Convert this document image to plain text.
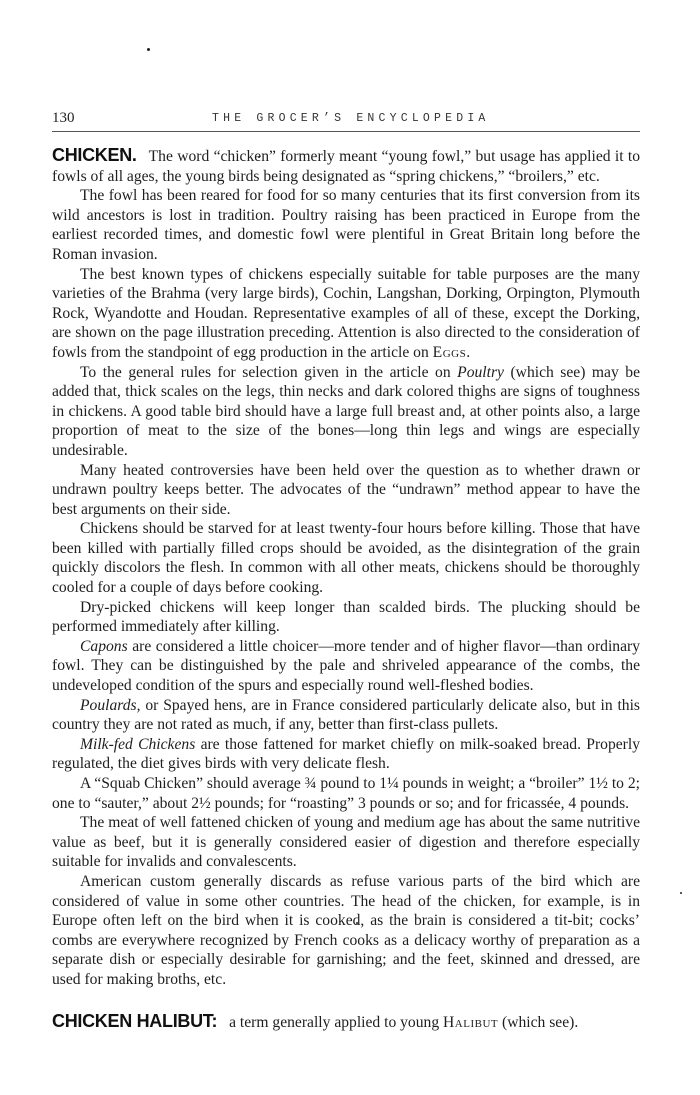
130	THE GROCER’S ENCYCLOPEDIA

CHICKEN. The word “chicken” formerly meant “young fowl,” but usage has applied it to fowls of all ages, the young birds being designated as “spring chickens,” “broilers,” etc.

The fowl has been reared for food for so many centuries that its first conversion from its wild ancestors is lost in tradition. Poultry raising has been practiced in Europe from the earliest recorded times, and domestic fowl were plentiful in Great Britain long before the Roman invasion.

The best known types of chickens especially suitable for table purposes are the many varieties of the Brahma (very large birds), Cochin, Langshan, Dorking, Orpington, Plymouth Rock, Wyandotte and Houdan. Representative examples of all of these, except the Dorking, are shown on the page illustration preceding. Attention is also directed to the consideration of fowls from the standpoint of egg production in the article on Eggs.

To the general rules for selection given in the article on Poultry (which see) may be added that, thick scales on the legs, thin necks and dark colored thighs are signs of toughness in chickens. A good table bird should have a large full breast and, at other points also, a large proportion of meat to the size of the bones—long thin legs and wings are especially undesirable.

Many heated controversies have been held over the question as to whether drawn or undrawn poultry keeps better. The advocates of the “undrawn” method appear to have the best arguments on their side.

Chickens should be starved for at least twenty-four hours before killing. Those that have been killed with partially filled crops should be avoided, as the disintegration of the grain quickly discolors the flesh. In common with all other meats, chickens should be thoroughly cooled for a couple of days before cooking.

Dry-picked chickens will keep longer than scalded birds. The plucking should be performed immediately after killing.

Capons are considered a little choicer—more tender and of higher flavor—than ordinary fowl. They can be distinguished by the pale and shriveled appearance of the combs, the undeveloped condition of the spurs and especially round well-fleshed bodies.

Poulards, or Spayed hens, are in France considered particularly delicate also, but in this country they are not rated as much, if any, better than first-class pullets.

Milk-fed Chickens are those fattened for market chiefly on milk-soaked bread. Properly regulated, the diet gives birds with very delicate flesh.

A “Squab Chicken” should average ¾ pound to 1¼ pounds in weight; a “broiler” 1½ to 2; one to “sauter,” about 2½ pounds; for “roasting” 3 pounds or so; and for fricassée, 4 pounds.

The meat of well fattened chicken of young and medium age has about the same nutritive value as beef, but it is generally considered easier of digestion and therefore especially suitable for invalids and convalescents.

American custom generally discards as refuse various parts of the bird which are considered of value in some other countries. The head of the chicken, for example, is in Europe often left on the bird when it is cooked, as the brain is considered a tit-bit; cocks’ combs are everywhere recognized by French cooks as a delicacy worthy of preparation as a separate dish or especially desirable for garnishing; and the feet, skinned and dressed, are used for making broths, etc.

CHICKEN HALIBUT: a term generally applied to young Halibut (which see).
